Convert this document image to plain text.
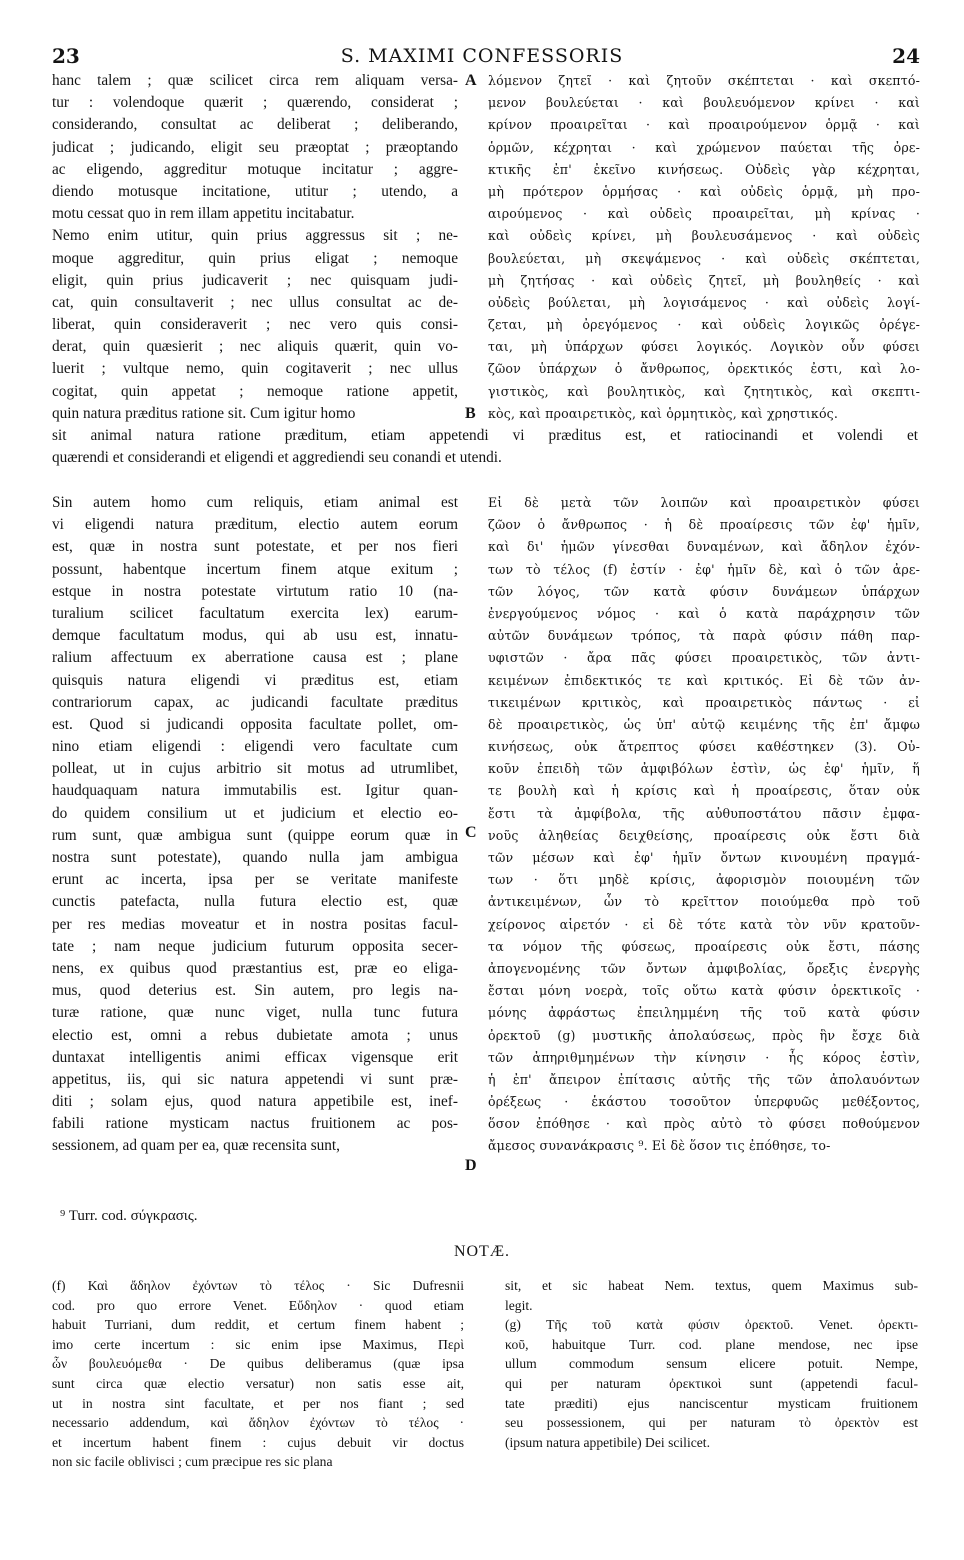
23	S. MAXIMI CONFESSORIS	24
hanc talem ; quæ scilicet circa rem aliquam versa-
tur : volendoque quærit ; quærendo, considerat ;
considerando, consultat ac deliberat ; deliberando,
judicat ; judicando, eligit seu præoptat ; præoptando
ac eligendo, aggreditur motuque incitatur ; aggre-
diendo motusque incitatione, utitur ; utendo, a
motu cessat quo in rem illam appetitu incitabatur.
Nemo enim utitur, quin prius aggressus sit ; ne-
moque aggreditur, quin prius eligat ; nemoque
eligit, quin prius judicaverit ; nec quisquam judi-
cat, quin consultaverit ; nec ullus consultat ac de-
liberat, quin consideraverit ; nec vero quis consi-
derat, quin quæsierit ; nec aliquis quærit, quin vo-
luerit ; vultque nemo, quin cogitaverit ; nec ullus
cogitat, quin appetat ; nemoque ratione appetit,
quin natura præditus ratione sit. Cum igitur homo
λόμενον ζητεῖ · καὶ ζητοῦν σκέπτεται · καὶ σκεπτό-
μενον βουλεύεται · καὶ βουλευόμενον κρίνει · καὶ
κρίνον προαιρεῖται · καὶ προαιρούμενον ὁρμᾷ · καὶ
ὁρμῶν, κέχρηται · καὶ χρώμενον παύεται τῆς ὀρε-
κτικῆς ἐπ' ἐκεῖνο κινήσεως. Οὐδεὶς γὰρ κέχρηται,
μὴ πρότερον ὁρμήσας · καὶ οὐδεὶς ὁρμᾷ, μὴ προ-
αιρούμενος · καὶ οὐδεὶς προαιρεῖται, μὴ κρίνας ·
καὶ οὐδεὶς κρίνει, μὴ βουλευσάμενος · καὶ οὐδεὶς
βουλεύεται, μὴ σκεψάμενος · καὶ οὐδεὶς σκέπτεται,
μὴ ζητήσας · καὶ οὐδεὶς ζητεῖ, μὴ βουληθείς · καὶ
οὐδεὶς βούλεται, μὴ λογισάμενος · καὶ οὐδεὶς λογί-
ζεται, μὴ ὀρεγόμενος · καὶ οὐδεὶς λογικῶς ὀρέγε-
ται, μὴ ὑπάρχων φύσει λογικός. Λογικὸν οὖν φύσει
ζῶον ὑπάρχων ὁ ἄνθρωπος, ὀρεκτικός ἐστι, καὶ λο-
γιστικὸς, καὶ βουλητικὸς, καὶ ζητητικὸς, καὶ σκεπτι-
κὸς, καὶ προαιρετικὸς, καὶ ὁρμητικὸς, καὶ χρηστικός.
A
B
sit animal natura ratione præditum, etiam appetendi vi præditus est, et ratiocinandi et volendi et
quærendi et considerandi et eligendi et aggrediendi seu conandi et utendi.
Sin autem homo cum reliquis, etiam animal est
vi eligendi natura præditum, electio autem eorum
est, quæ in nostra sunt potestate, et per nos fieri
possunt, habentque incertum finem atque exitum ;
estque in nostra potestate virtutum ratio 10 (na-
turalium scilicet facultatum exercita lex) earum-
demque facultatum modus, qui ab usu est, innatu-
ralium affectuum ex aberratione causa est ; plane
quisquis natura eligendi vi præditus est, etiam
contrariorum capax, ac judicandi facultate præditus
est. Quod si judicandi opposita facultate pollet, om-
nino etiam eligendi : eligendi vero facultate cum
polleat, ut in cujus arbitrio sit motus ad utrumlibet,
haudquaquam natura immutabilis est. Igitur quan-
do quidem consilium ut et judicium et electio eo-
rum sunt, quæ ambigua sunt (quippe eorum quæ in
nostra sunt potestate), quando nulla jam ambigua
erunt ac incerta, ipsa per se veritate manifeste
cunctis patefacta, nulla futura electio est, quæ
per res medias moveatur et in nostra positas facul-
tate ; nam neque judicium futurum opposita secer-
nens, ex quibus quod præstantius est, præ eo eliga-
mus, quod deterius est. Sin autem, pro legis na-
turæ ratione, quæ nunc viget, nulla tunc futura
electio est, omni a rebus dubietate amota ; unus
duntaxat intelligentis animi efficax vigensque erit
appetitus, iis, qui sic natura appetendi vi sunt præ-
diti ; solam ejus, quod natura appetibile est, inef-
fabili ratione mysticam nactus fruitionem ac pos-
sessionem, ad quam per ea, quæ recensita sunt,
Εἰ δὲ μετὰ τῶν λοιπῶν καὶ προαιρετικὸν φύσει
ζῶον ὁ ἄνθρωπος · ἡ δὲ προαίρεσις τῶν ἐφ' ἡμῖν,
καὶ δι' ἡμῶν γίνεσθαι δυναμένων, καὶ ἄδηλον ἐχόν-
των τὸ τέλος (f) ἐστίν · ἐφ' ἡμῖν δὲ, καὶ ὁ τῶν ἀρε-
τῶν λόγος, τῶν κατὰ φύσιν δυνάμεων ὑπάρχων
ἐνεργούμενος νόμος · καὶ ὁ κατὰ παράχρησιν τῶν
αὐτῶν δυνάμεων τρόπος, τὰ παρὰ φύσιν πάθη παρ-
υφιστῶν · ἄρα πᾶς φύσει προαιρετικὸς, τῶν ἀντι-
κειμένων ἐπιδεκτικός τε καὶ κριτικός. Εἰ δὲ τῶν ἀν-
τικειμένων κριτικὸς, καὶ προαιρετικὸς πάντως · εἰ
δὲ προαιρετικὸς, ὡς ὑπ' αὐτῷ κειμένης τῆς ἐπ' ἄμφω
κινήσεως, οὐκ ἄτρεπτος φύσει καθέστηκεν (3). Οὐ-
κοῦν ἐπειδὴ τῶν ἀμφιβόλων ἐστὶν, ὡς ἐφ' ἡμῖν, ἥ
τε βουλὴ καὶ ἡ κρίσις καὶ ἡ προαίρεσις, ὅταν οὐκ
ἔστι τὰ ἀμφίβολα, τῆς αὐθυποστάτου πᾶσιν ἐμφα-
νοῦς ἀληθείας δειχθείσης, προαίρεσις οὐκ ἔστι διὰ
τῶν μέσων καὶ ἐφ' ἡμῖν ὄντων κινουμένη πραγμά-
των · ὅτι μηδὲ κρίσις, ἀφορισμὸν ποιουμένη τῶν
ἀντικειμένων, ὧν τὸ κρεῖττον ποιούμεθα πρὸ τοῦ
χείρονος αἱρετόν · εἰ δὲ τότε κατὰ τὸν νῦν κρατοῦν-
τα νόμον τῆς φύσεως, προαίρεσις οὐκ ἔστι, πάσης
ἀπογενομένης τῶν ὄντων ἀμφιβολίας, ὄρεξις ἐνεργὴς
ἔσται μόνη νοερὰ, τοῖς οὕτω κατὰ φύσιν ὀρεκτικοῖς ·
μόνης ἀφράστως ἐπειλημμένη τῆς τοῦ κατὰ φύσιν
ὀρεκτοῦ (g) μυστικῆς ἀπολαύσεως, πρὸς ἣν ἔσχε διὰ
τῶν ἀπηριθμημένων τὴν κίνησιν · ἧς κόρος ἐστὶν,
ἡ ἐπ' ἄπειρον ἐπίτασις αὐτῆς τῆς τῶν ἀπολαυόντων
ὀρέξεως · ἑκάστου τοσοῦτον ὑπερφυῶς μεθέξοντος,
ὅσον ἐπόθησε · καὶ πρὸς αὐτὸ τὸ φύσει ποθούμενον
ἄμεσος συνανάκρασις ⁹. Εἰ δὲ ὅσον τις ἐπόθησε, το-
C
D
⁹ Turr. cod. σύγκρασις.
NOTÆ.
(f) Καὶ ἄδηλον ἐχόντων τὸ τέλος · Sic Dufresnii
cod. pro quo errore Venet. Εὔδηλον · quod etiam
habuit Turriani, dum reddit, et certum finem habent ;
imo certe incertum : sic enim ipse Maximus, Περὶ
ὧν βουλευόμεθα · De quibus deliberamus (quæ ipsa
sunt circa quæ electio versatur) non satis esse ait,
ut in nostra sint facultate, et per nos fiant ; sed
necessario addendum, καὶ ἄδηλον ἐχόντων τὸ τέλος ·
et incertum habent finem : cujus debuit vir doctus
non sic facile oblivisci ; cum præcipue res sic plana
sit, et sic habeat Nem. textus, quem Maximus sub-
legit.
(g) Τῆς τοῦ κατὰ φύσιν ὀρεκτοῦ. Venet. ὀρεκτι-
κοῦ, habuitque Turr. cod. plane mendose, nec ipse
ullum commodum sensum elicere potuit. Nempe,
qui per naturam ὀρεκτικοὶ sunt (appetendi facul-
tate præditi) ejus nanciscentur mysticam fruitionem
seu possessionem, qui per naturam τὸ ὀρεκτὸν est
(ipsum natura appetibile) Dei scilicet.
